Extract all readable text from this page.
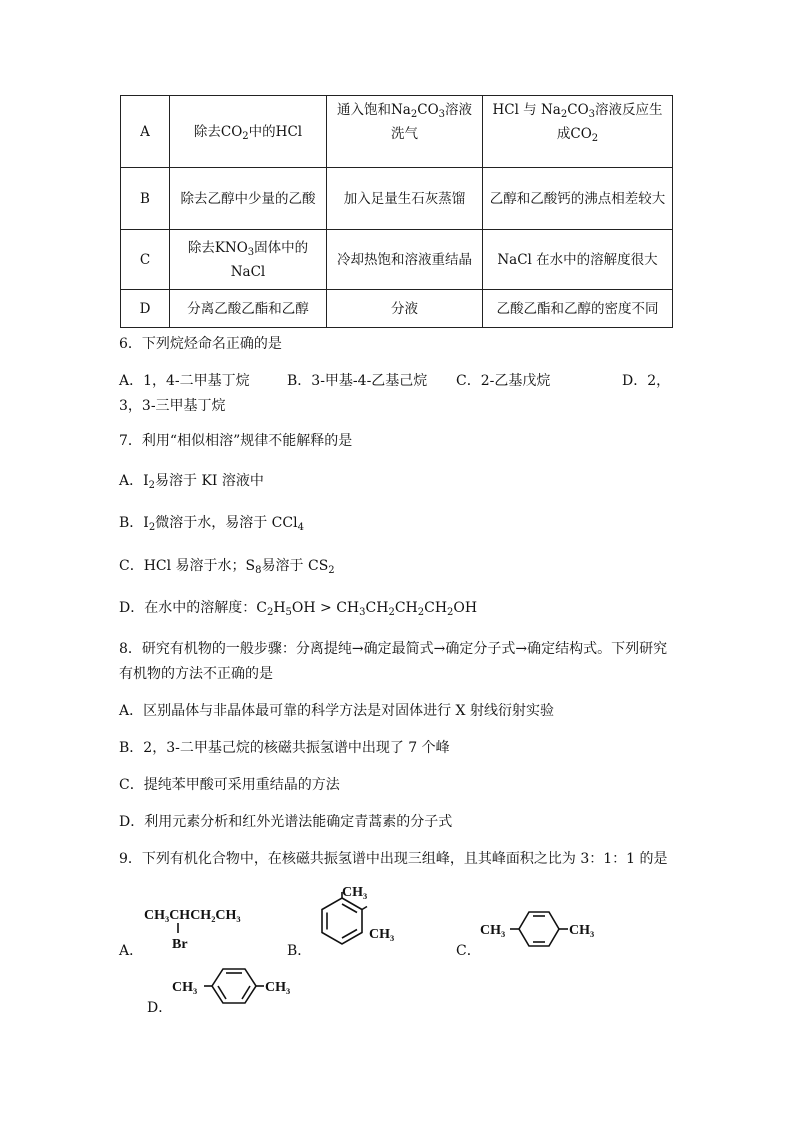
A	除去$CO_2$中的HCl	通入饱和$Na_2CO_3$溶液洗气	HCl 与 $Na_2CO_3$溶液反应生成$CO_2$
B	除去乙醇中少量的乙酸	加入足量生石灰蒸馏	乙醇和乙酸钙的沸点相差较大
C	除去$KNO_3$固体中的NaCl	冷却热饱和溶液重结晶	NaCl 在水中的溶解度很大
D	分离乙酸乙酯和乙醇	分液	乙酸乙酯和乙醇的密度不同
6．下列烷烃命名正确的是
A．1，4-二甲基丁烷	B．3-甲基-4-乙基己烷 C．2-乙基戊烷	D．2，
3，3-三甲基丁烷
7．利用“相似相溶”规律不能解释的是
A．$I_2$易溶于 KI 溶液中
B．$I_2$微溶于水，易溶于 CCl$_4$
C．HCl 易溶于水；$S_8$易溶于 $CS_2$
D．在水中的溶解度：$C_2H_5OH > CH_3CH_2CH_2CH_2OH$
8．研究有机物的一般步骤：分离提纯→确定最简式→确定分子式→确定结构式。下列研究
有机物的方法不正确的是
A．区别晶体与非晶体最可靠的科学方法是对固体进行 X 射线衍射实验
B．2，3-二甲基己烷的核磁共振氢谱中出现了 7 个峰
C．提纯苯甲酸可采用重结晶的方法
D．利用元素分析和红外光谱法能确定青蒿素的分子式
9．下列有机化合物中，在核磁共振氢谱中出现三组峰，且其峰面积之比为 3：1：1 的是
A．	B．	C．
D．
CH₃CHCH₂CH₃
Br
CH₃
CH₃	CH₃	CH₃
CH₃	CH₃
